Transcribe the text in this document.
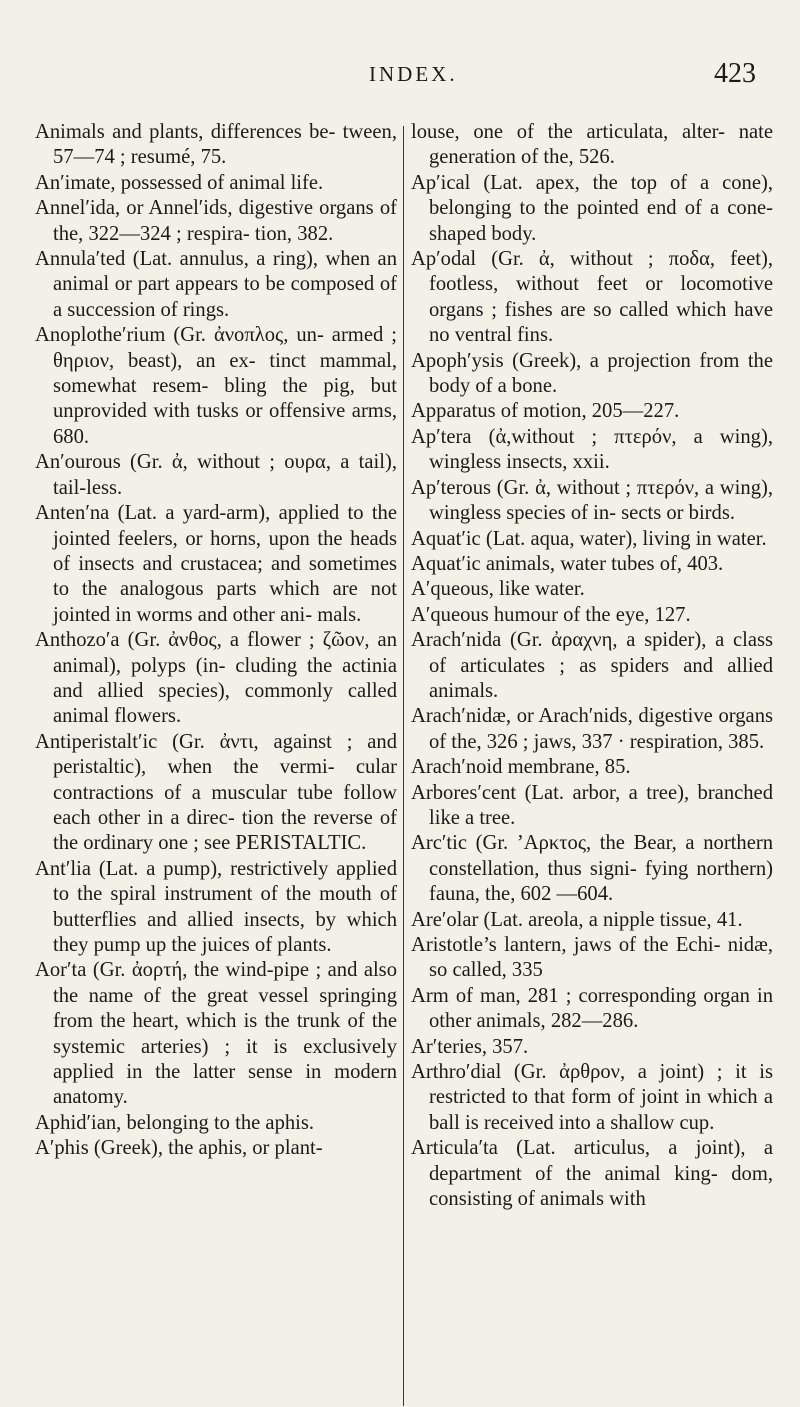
INDEX.	423

Animals and plants, differences be- tween, 57—74 ; resumé, 75.

An′imate, possessed of animal life.

Annel′ida, or Annel′ids, digestive organs of the, 322—324 ; respira- tion, 382.

Annula′ted (Lat. annulus, a ring), when an animal or part appears to be composed of a succession of rings.

Anoplothe′rium (Gr. ἀνοπλος, un- armed ; θηριον, beast), an ex- tinct mammal, somewhat resem- bling the pig, but unprovided with tusks or offensive arms, 680.

An′ourous (Gr. ἀ, without ; ουρα, a tail), tail-less.

Anten′na (Lat. a yard-arm), applied to the jointed feelers, or horns, upon the heads of insects and crustacea; and sometimes to the analogous parts which are not jointed in worms and other ani- mals.

Anthozo′a (Gr. ἀνθος, a flower ; ζῶον, an animal), polyps (in- cluding the actinia and allied species), commonly called animal flowers.

Antiperistalt′ic (Gr. ἀντι, against ; and peristaltic), when the vermi- cular contractions of a muscular tube follow each other in a direc- tion the reverse of the ordinary one ; see PERISTALTIC.

Ant′lia (Lat. a pump), restrictively applied to the spiral instrument of the mouth of butterflies and allied insects, by which they pump up the juices of plants.

Aor′ta (Gr. ἀορτή, the wind-pipe ; and also the name of the great vessel springing from the heart, which is the trunk of the systemic arteries) ; it is exclusively applied in the latter sense in modern anatomy.

Aphid′ian, belonging to the aphis.

A′phis (Greek), the aphis, or plant-

louse, one of the articulata, alter- nate generation of the, 526.

Ap′ical (Lat. apex, the top of a cone), belonging to the pointed end of a cone-shaped body.

Ap′odal (Gr. ἀ, without ; ποδα, feet), footless, without feet or locomotive organs ; fishes are so called which have no ventral fins.

Apoph′ysis (Greek), a projection from the body of a bone.

Apparatus of motion, 205—227.

Ap′tera (ἀ,without ; πτερόν, a wing), wingless insects, xxii.

Ap′terous (Gr. ἀ, without ; πτερόν, a wing), wingless species of in- sects or birds.

Aquat′ic (Lat. aqua, water), living in water.

Aquat′ic animals, water tubes of, 403.

A′queous, like water.

A′queous humour of the eye, 127.

Arach′nida (Gr. ἀραχνη, a spider), a class of articulates ; as spiders and allied animals.

Arach′nidæ, or Arach′nids, digestive organs of the, 326 ; jaws, 337 · respiration, 385.

Arach′noid membrane, 85.

Arbores′cent (Lat. arbor, a tree), branched like a tree.

Arc′tic (Gr. ’Αρκτος, the Bear, a northern constellation, thus signi- fying northern) fauna, the, 602 —604.

Are′olar (Lat. areola, a nipple tissue, 41.

Aristotle’s lantern, jaws of the Echi- nidæ, so called, 335

Arm of man, 281 ; corresponding organ in other animals, 282—286.

Ar′teries, 357.

Arthro′dial (Gr. ἀρθρον, a joint) ; it is restricted to that form of joint in which a ball is received into a shallow cup.

Articula′ta (Lat. articulus, a joint), a department of the animal king- dom, consisting of animals with
